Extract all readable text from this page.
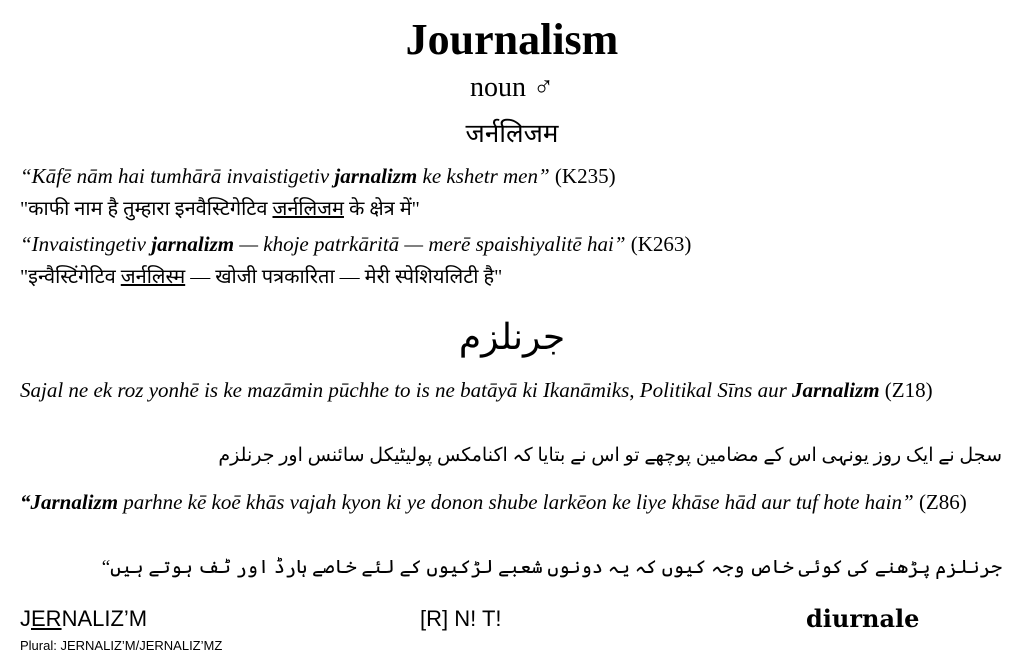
Journalism
noun ♂
जर्नलिजम
“Kāfē nām hai tumhārā invaistigetiv jarnalizm ke kshetr men” (K235)
"काफी नाम है तुम्हारा इनवैस्टिगेटिव जर्नलिजम के क्षेत्र में"
“Invaistingetiv jarnalizm — khoje patrkāritā — merē spaishiyalitē hai” (K263)
"इन्वैस्टिंगेटिव जर्नलिस्म — खोजी पत्रकारिता — मेरी स्पेशियलिटी है"
جرنلزم
Sajal ne ek roz yonhē is ke mazāmin pūchhe to is ne batāyā ki Ikanāmiks, Politikal Sīns aur Jarnalizm (Z18)
سجل نے ایک روز یونہی اس کے مضامین پوچھے تو اس نے بتایا کہ اکنامکس پولیٹیکل سائنس اور جرنلزم
“Jarnalizm parhne kē koē khās vajah kyon ki ye donon shube larkēon ke liye khāse hād aur tuf hote hain” (Z86)
جرنلزم پڑھنے کی کوئی خاص وجہ کیوں کہ یہ دونوں شعبے لڑکیوں کے لئے خاصے ہارڈ اور ٹف ہوتے ہیں“
JERNALIZ’M	[R] N! T!	diurnale
Plural: JERNALIZ’M/JERNALIZ’MZ
